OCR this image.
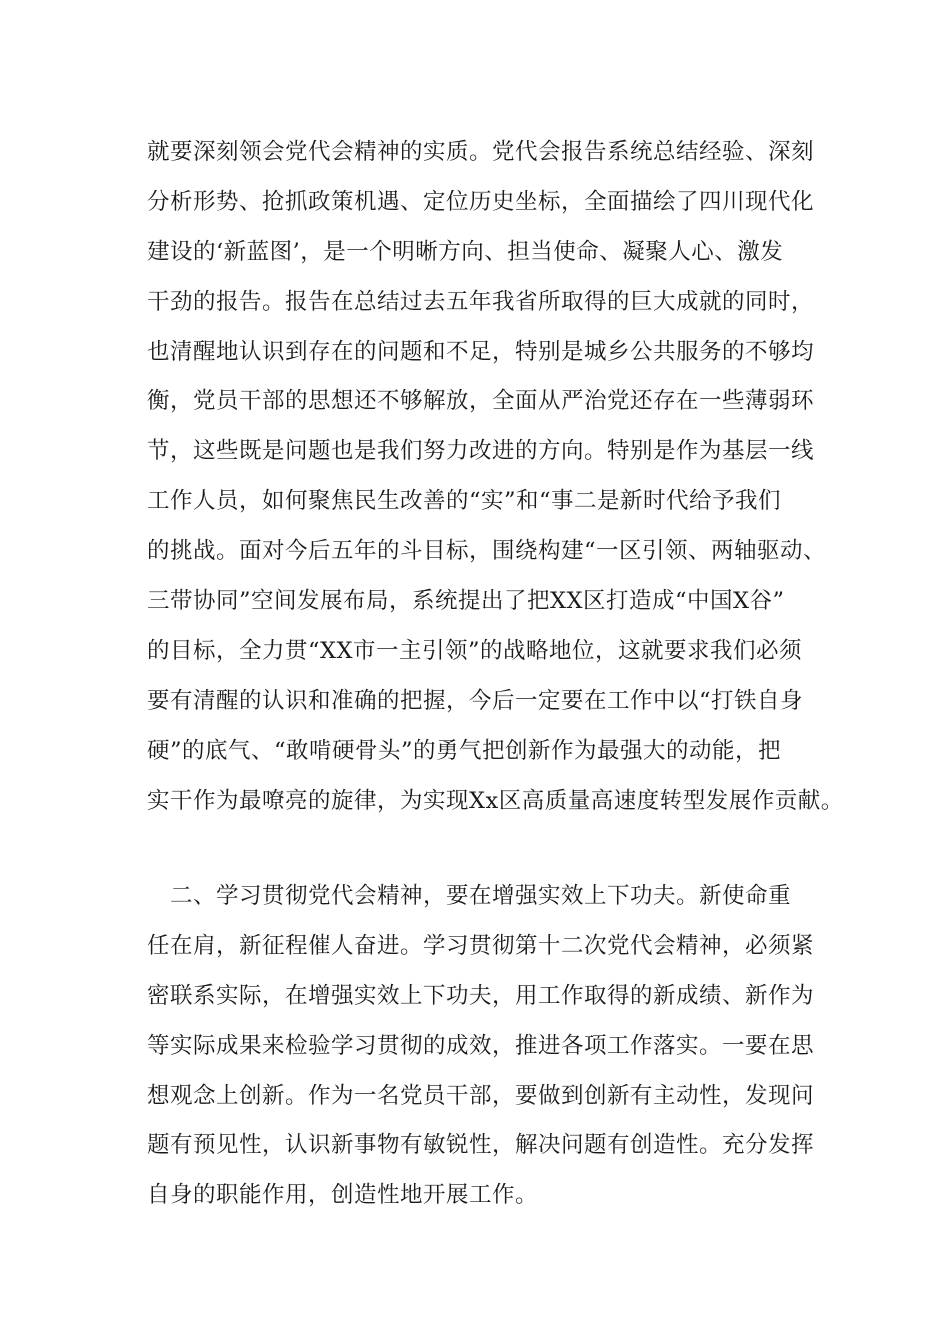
就要深刻领会党代会精神的实质。党代会报告系统总结经验、深刻
分析形势、抢抓政策机遇、定位历史坐标，全面描绘了四川现代化
建设的‘新蓝图’，是一个明晰方向、担当使命、凝聚人心、激发
干劲的报告。报告在总结过去五年我省所取得的巨大成就的同时，
也清醒地认识到存在的问题和不足，特别是城乡公共服务的不够均
衡，党员干部的思想还不够解放，全面从严治党还存在一些薄弱环
节，这些既是问题也是我们努力改进的方向。特别是作为基层一线
工作人员，如何聚焦民生改善的“实”和“事二是新时代给予我们
的挑战。面对今后五年的斗目标，围绕构建“一区引领、两轴驱动、
三带协同”空间发展布局，系统提出了把XX区打造成“中国X谷”
的目标，全力贯“XX市一主引领”的战略地位，这就要求我们必须
要有清醒的认识和准确的把握，今后一定要在工作中以“打铁自身
硬”的底气、“敢啃硬骨头”的勇气把创新作为最强大的动能，把
实干作为最嘹亮的旋律，为实现Xx区高质量高速度转型发展作贡献。
　二、学习贯彻党代会精神，要在增强实效上下功夫。新使命重
任在肩，新征程催人奋进。学习贯彻第十二次党代会精神，必须紧
密联系实际，在增强实效上下功夫，用工作取得的新成绩、新作为
等实际成果来检验学习贯彻的成效，推进各项工作落实。一要在思
想观念上创新。作为一名党员干部，要做到创新有主动性，发现问
题有预见性，认识新事物有敏锐性，解决问题有创造性。充分发挥
自身的职能作用，创造性地开展工作。
